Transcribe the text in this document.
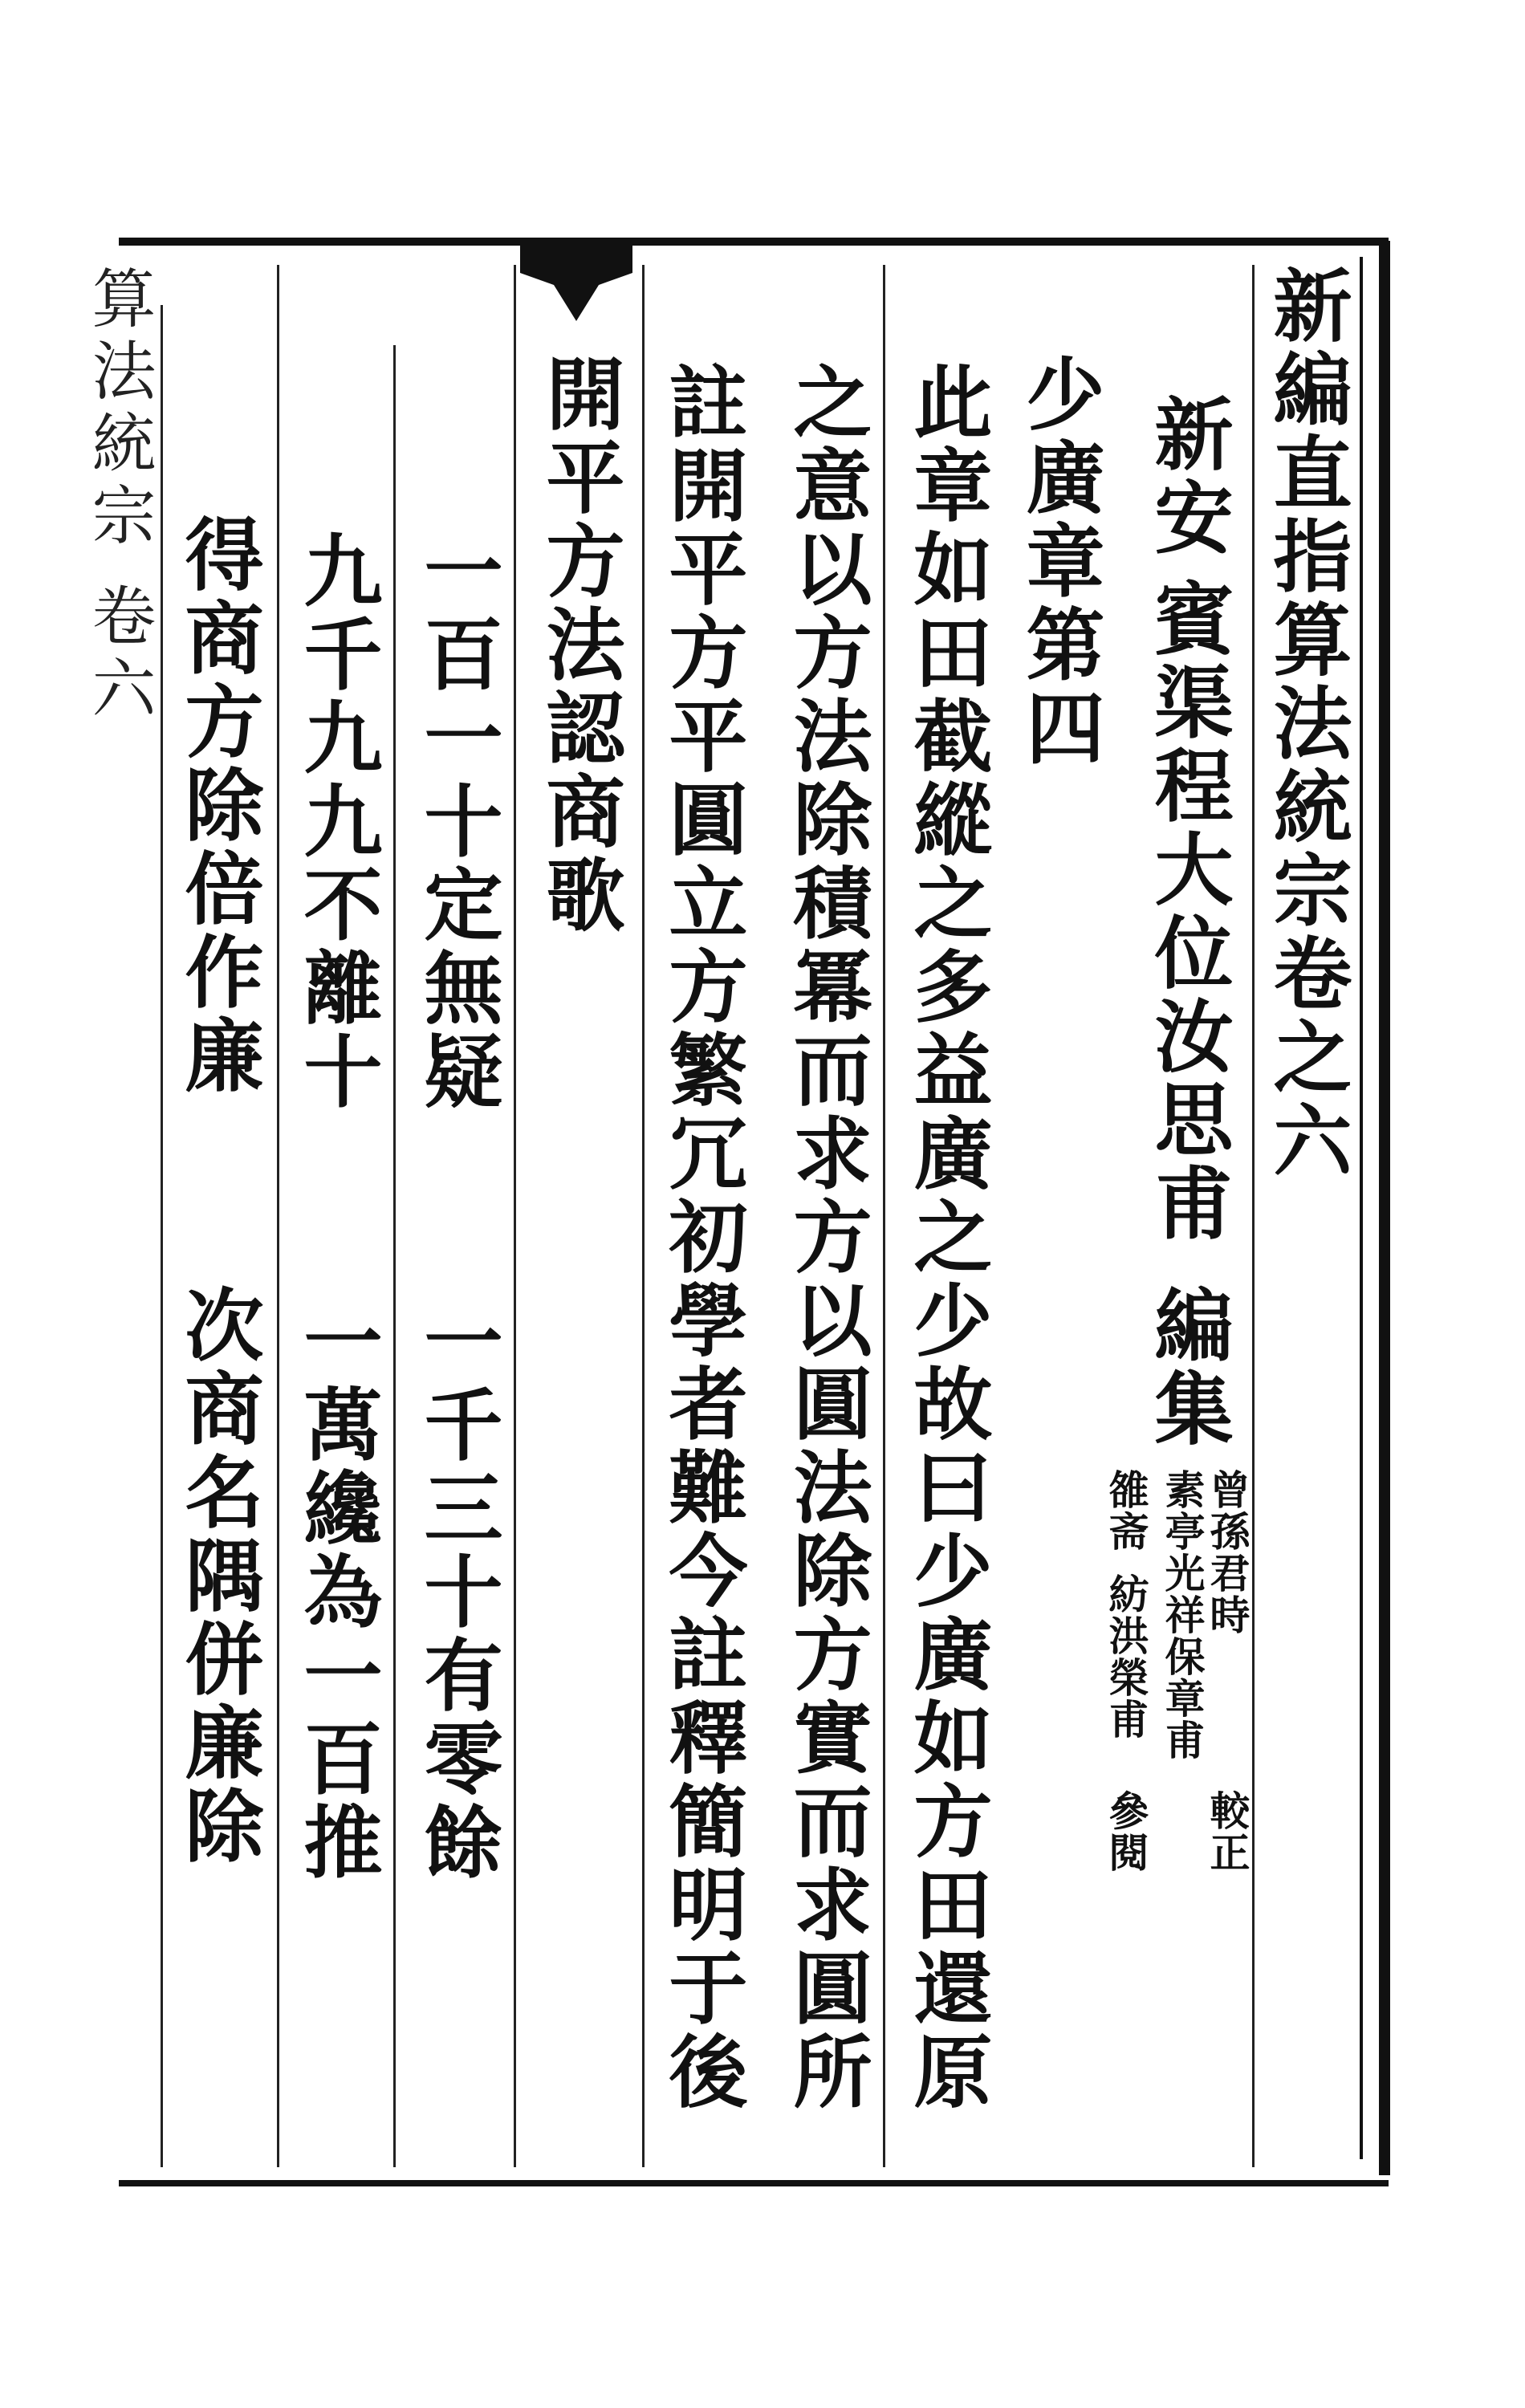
新編直指算法統宗卷之六
新安
賓渠程大位汝思甫
編集
曾孫君時
素亭光祥保章甫
較正
雒斋
紡洪榮甫
參閱
少廣章第四
此章如田截縱之多益廣之少故曰少廣如方田還原
之意以方法除積冪而求方以圓法除方實而求圓所
註開平方平圓立方繁冗初學者難今註釋簡明于後
開平方法認商歌
一百一十定無疑
一千三十有零餘
九千九九不離十
一萬纔為一百推
得商方除倍作廉
次商名隅併廉除
算法統宗 卷六
